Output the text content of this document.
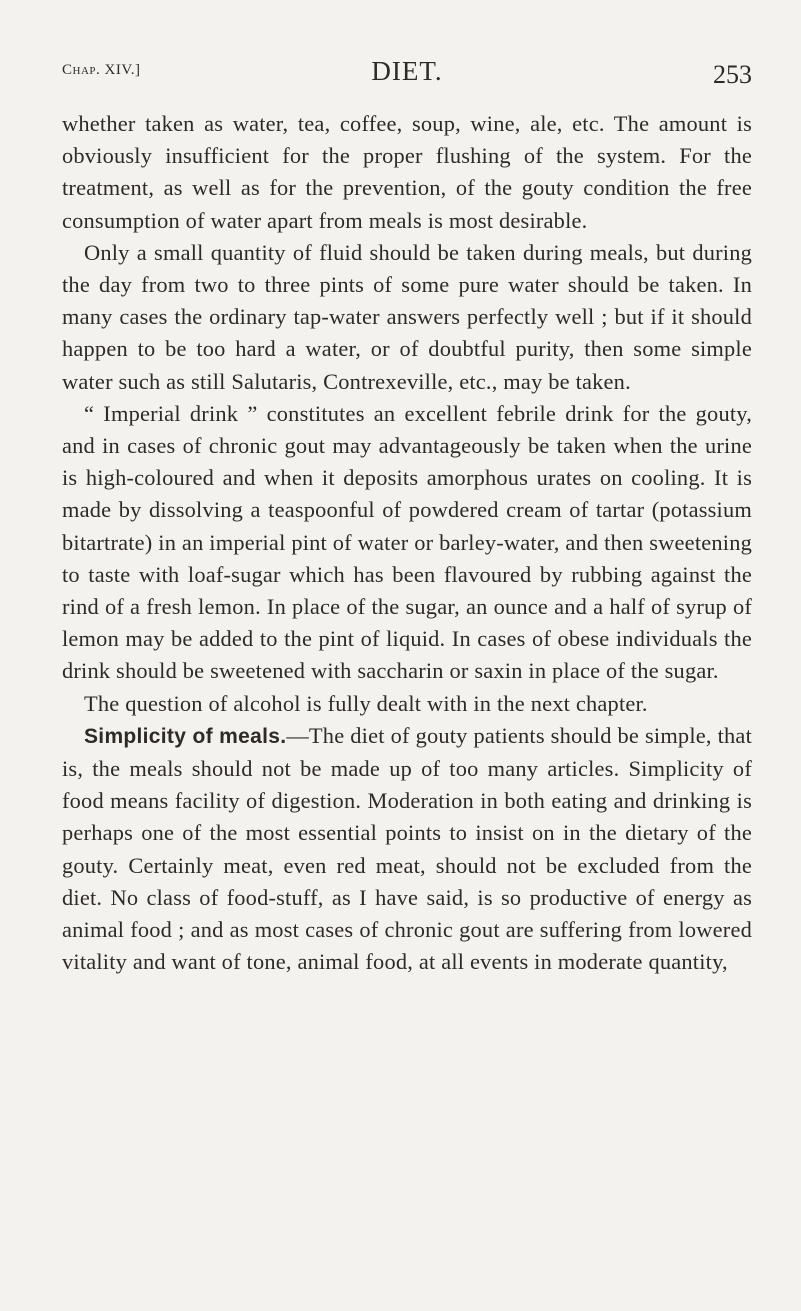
Chap. XIV.]	DIET.	253

whether taken as water, tea, coffee, soup, wine, ale, etc. The amount is obviously insufficient for the proper flushing of the system. For the treatment, as well as for the prevention, of the gouty condition the free consumption of water apart from meals is most desirable.

Only a small quantity of fluid should be taken during meals, but during the day from two to three pints of some pure water should be taken. In many cases the ordinary tap-water answers perfectly well ; but if it should happen to be too hard a water, or of doubtful purity, then some simple water such as still Salutaris, Contrexeville, etc., may be taken.

“ Imperial drink ” constitutes an excellent febrile drink for the gouty, and in cases of chronic gout may advantageously be taken when the urine is high-coloured and when it deposits amorphous urates on cooling. It is made by dissolving a teaspoonful of powdered cream of tartar (potassium bitartrate) in an imperial pint of water or barley-water, and then sweetening to taste with loaf-sugar which has been flavoured by rubbing against the rind of a fresh lemon. In place of the sugar, an ounce and a half of syrup of lemon may be added to the pint of liquid. In cases of obese individuals the drink should be sweetened with saccharin or saxin in place of the sugar.

The question of alcohol is fully dealt with in the next chapter.

Simplicity of meals.—The diet of gouty patients should be simple, that is, the meals should not be made up of too many articles. Simplicity of food means facility of digestion. Moderation in both eating and drinking is perhaps one of the most essential points to insist on in the dietary of the gouty. Certainly meat, even red meat, should not be excluded from the diet. No class of food-stuff, as I have said, is so productive of energy as animal food ; and as most cases of chronic gout are suffering from lowered vitality and want of tone, animal food, at all events in moderate quantity,
